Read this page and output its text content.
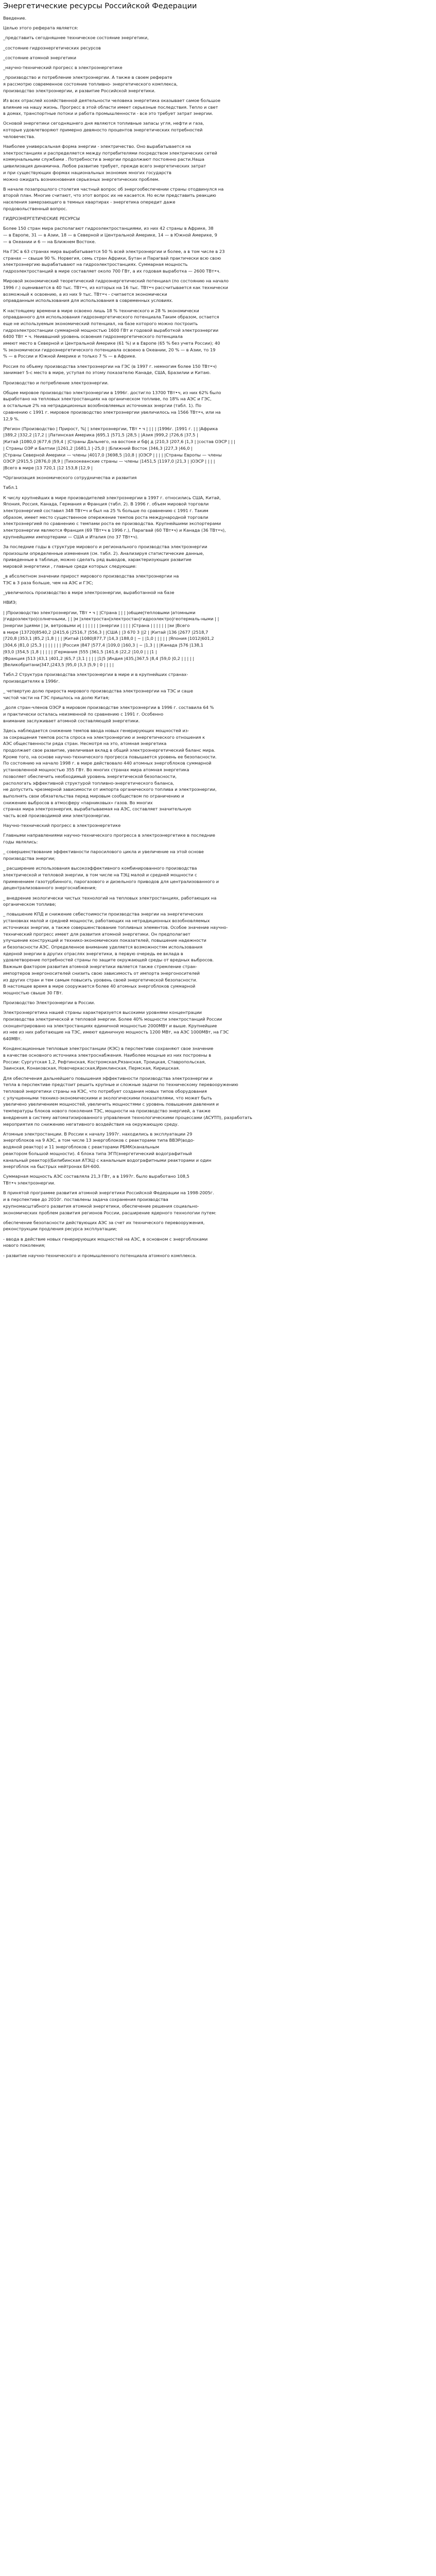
Энергетические ресурсы Российской Федерации
Введение.
Целью этого реферата является:
_представить сегодняшнее техническое состояние энергетики,
_состояние гидроэнергетических ресурсов
_состояние атомной энергетики
_научно-технический прогресс в электроэнергетике
_производство и потребление электроэнергии. А также в своем реферате
я рассмотрю современное состояние топливно- энергетического комплекса,
производство электроэнергии, и развитие Российской энергетики.
Из всех отраслей хозяйственной деятельности человека энергетика оказывает самое большое
влияние на нашу жизнь. Прогресс в этой области имеет серьезные последствия. Тепло и свет
в домах, транспортные потоки и работа промышленности - все это требует затрат энергии.
Основой энергетики сегодняшнего дня являются топливные запасы угля, нефти и газа,
которые удовлетворяют примерно девяносто процентов энергетических потребностей
человечества.
Наиболее универсальная форма энергии - электричество. Оно вырабатывается на
электростанциях и распределяется между потребителями посредством электрических сетей
коммунальными службами . Потребности в энергии продолжают постоянно расти.Наша
цивилизация динамична. Любое развитие требует, прежде всего энергетических затрат
и при существующих формах национальных экономик многих государств
можно ожидать возникновения серьезных энергетических проблем.
В начале позапрошлого столетия частный вопрос об энергообеспечении страны отодвинулся на
второй план. Многие считают, что этот вопрос их не касается. Но если представить реакцию
населения замерзающего в темных квартирах - энергетика опередит даже
продовольственный вопрос.
ГИДРОЭНЕРГЕТИЧЕСКИЕ РЕСУРСЫ
Более 150 стран мира располагают гидроэлектростанциями, из них 42 страны в Африке, 38
— в Европе, 31 — в Азии, 18 — в Северной и Центральной Америке, 14 — в Южной Америке, 9
— в Океании и 6 — на Ближнем Востоке.
На ГЭС в 63 странах мира вырабатывается 50 % всей электроэнергии и более, а в том числе в 23
странах — свыше 90 %. Норвегия, семь стран Африки, Бутан и Парагвай практически всю свою
электроэнергию вырабатывают на гидроэлектростанциях. Суммарная мощность
гидроэлектростанций в мире составляет около 700 ГВт, а их годовая выработка — 2600 ТВт•ч.
Мировой экономический теоретический гидроэнергетический потенциал (по состоянию на начало
1996 г.) оценивается в 40 тыс. ТВт•ч, из которых на 16 тыс. ТВт•ч рассчитывается как технически
возможный к освоению, а из них 9 тыс. ТВт•ч - считается экономически
оправданным использования для использования в современных условиях.
К настоящему времени в мире освоено лишь 18 % технического и 28 % экономически
оправданного для использования гидроэнергетического потенциала.Таким образом, остается
еще не используемым экономический потенциал, на базе которого можно построить
гидроэлектростанции суммарной мощностью 1600 ГВт и годовой выработкой электроэнергии
6400 ТВт • ч. Неиввшний уровень освоения гидроэнергетического потенциала
имеют место в Северной и Центральной Америке (61 %) и в Европе (65 % без учета России); 40
% экономически гидроэнергетического потенциала освоено в Океании, 20 % — в Азии, то 19
% — в России и Южной Америке и только 7 % — в Африке.
Россия по объему производства электроэнергии на ГЭС (в 1997 г. немногим более 150 ТВт•ч)
занимает 5-с место в мире, уступая по этому показателю Канаде, США, Бразилии и Китаю.
Производство и потребление электроэнергии.
Общее мировое производство электроэнергии в 1996г. достигло 13700 ТВт•ч, из них 62% было
выработано на тепловых электростанциях на органическом топливе, по 18% на АЭС и ГЭС,
а остальные 2% на нетрадиционных возобновляемых источниках энергии (табл. 1). По
сравнению с 1991 г. мировое производство электроэнергии увеличилось на 1566 ТВт•ч, или на
12,9 %.
|Регион (Производство | Прирост, %| | электроэнергии, ТВт • ч | | | | |1996г. |1991 г. | | |Африка
|389,2 |332,2 |17,2 | |Латинская Америка |695,1 |571,5 |28,5 | |Азия |999,2 |726,6 |37,5 |
|Китай |1080,0 |677,6 |59,4 | |Страны Дальнего, на востоке и бф| д |210,3 |207,6 |1,3 | |состав ОЭСР | | |
| Страны ОЭР и Балтии |1261,2 |1681,1 |-25,0 | |Ближний Восток |346,3 |227,3 |46,0 |
|Страны Северной Америки — члены |4017,0 |3698,5 |10,8 | |ОЭСР | | | | |Страны Европы — члены
ОЭСР |2915,5 |2876,0 |8,9 | |Тихоокеанские страны — члены |1451,5 |1197,0 |21,3 | |ОЭСР | | | |
|Всего в мире |13 720,1 |12 153,8 |12,9 |
*Организация экономического сотрудничества и развития
Табл.1
К числу крупнейших в мире производителей электроэнергии в 1997 г. относились США, Китай,
Япония, Россия, Канада, Германия и Франция (табл. 2). В 1996 г. объем мировой торговли
электроэнергией составил 348 ТВт•ч и был на 25 % больше по сравнению с 1991 г. Таким
образом, имеет место существенное опережение темпов роста международной торговли
электроэнергией по сравнению с темпами роста ее производства. Крупнейшими экспортерами
электроэнергии являются Франция (69 ТВт•ч в 1996 г.), Парагвай (60 ТВт•ч) и Канада (36 ТВт•ч),
крупнейшими импортерами — США и Италия (по 37 ТВт•ч).
За последние годы в структуре мирового и регионального производства электроэнергии
произошли определенные изменения (см. табл. 2). Анализируя статистические данные,
приведенные в таблице, можно сделать ряд выводов, характеризующих развитие
мировой энергетики , главные среди которых следующие:
_в абсолютном значении прирост мирового производства электроэнергии на
ТЭС в 3 раза больше, чем на АЭС и ГЭС;
_увеличилось производство в мире электроэнергии, выработанной на базе
НВИЭ;
| |Производство электроэнергии, ТВт • ч | |Страна | | | |о6щие|тепловыми |атомными
|гидроэлектро|солнечными, | | |м |электростан|электростан|гидроэлектро|геотермаль-ными | |
|энергии |циями | |и, ветровыми и| | | | | | | |энергии | | | | |Страна | | | | | | |эи |Всего
в мире |13720|8540,2 |2415,6 |2516,7 |556,3 | |США | |3 670 3 ||2 | |Китай |136 |2677 |2518,7
|720,8 |353,1 |85,2 |1,8 | | | |Китай |1080|877,7 |14,3 |188,0 | ~ | |1,0 | | | | | |Япония |1012|601,2
|304,6 |81,0 |25,3 | | | | | | | |Россия |847 |577,4 |109,0 |160,3 | ~ |1,3 | | |Канада |576 |138,1
|93,0 |354,5 |1,8 | | | | | |Германия |555 |361,5 |161,6 |22,2 |10,0 | | |1 |
|Франция |513 |43,1 |401,2 |65,7 |3,1 | | | | |1|5 |Индия |435,|367,5 |8,4 |59,0 |0,2 | | | | |
|Великобритани|347,|243,5 |95,0 |3,3 |5,9 | 0 | | | |
Табл.2 Структура производства электроэнергии в мире и в крупнейших странах-
производителях в 1996г.
_ четвертую долю прироста мирового производства электроэнергии на ТЭС и саше
чистой части на ГЭС пришлось на долю Китая;
_доля стран-членов ОЭСР в мировом производстве электроэнергии в 1996 г. составила 64 %
и практически осталась неизменной по сравнению с 1991 г. Особенно
внимание заслуживает атомной составляющей энергетики.
Здесь наблюдается снижение темпов ввода новых генерирующих мощностей из-
за сокращения темпов роста спроса на электроэнергию и энергетического отношения к
АЭС общественности ряда стран. Несмотря на это, атомная энергетика
продолжает свое развитие, увеличивая вклад в общий электроэнергетический баланс мира.
Кроме того, на основе научно-технического прогресса повышается уровень ее безопасности.
По состоянию на начало 1998 г. в мире действовало 440 атомных энергоблоков суммарной
установленной мощностью 355 ГВт. Во многих странах мира атомная энергетика
позволяет обеспечить необходимый уровень энергетической безопасности,
распологать эффективной структурой топливно-энергетического баланса,
не допустить чрезмерной зависимости от импорта органического топлива и электроэнергии,
выполнять свои обязательства перед мировым сообществом по ограничению и
снижению выбросов в атмосферу «парниковых» газов. Во многих
странах мира электроэнергия, вырабатываемая на АЭС, составляет значительную
часть всей производимой ими электроэнергии.
Научно-технический прогресс в электроэнергетике
Главными направлениями научно-технического прогресса в электроэнергетике в последние
годы являлись:
_ совершенствование эффективности паросилового цикла и увеличение на этой основе
производства энергии;
_ расширение использования высокоэффективного комбинированного производства
электрической и тепловой энергии, в том числе на ТЭЦ малой и средней мощности с
применением газотурбинного, парогазового и дизельного приводов для централизованного и
децентрализованного энергоснабжения;
_ внедрение экологически чистых технологий на тепловых электростанциях, работающих на
органическом топливе;
_ повышение КПД и снижение себестоимости производства энергии на энергетических
установках малой и средней мощности, работающих на нетрадиционных возобновляемых
источниках энергии, а также совершенствование топливных элементов. Особое значение научно-
технический прогресс имеет для развития атомной энергетики. Он предполагает
улучшение конструкций и технико-экономических показателей, повышение надежности
и безопасности АЭС. Определенное внимание уделяется возможностям использования
ядерной энергии в других отраслях энергетики, в первую очередь ее вклада в
удовлетворение потребностей страны по защите окружающей среды от вредных выбросов.
Важным фактором развития атомной энергетики является также стремление стран-
импортеров энергоносителей снизить свою зависимость от импорта энергоносителей
из других стран и тем самым повысить уровень своей энергетической безопасности.
В настоящее время в мире сооружается более 40 атомных энергоблоков суммарной
мощностью свыше 30 ГВт.
Производство Электроэнергии в России.
Электроэнергетика нашей страны характеризуется высокими уровнями концентрации
производства электрической и тепловой энергии. Более 40% мощности электростанций России
сконцентрировано на электростанциях единичной мощностью 2000МВт и выше. Крупнейшие
из нее из них работающие на ТЭС, имеют единичную мощность 1200 МВт, на АЭС 1000МВт, на ГЭС
640МВт.
Конденсационные тепловые электростанции (КЭС) в перспективе сохраняют свое значение
в качестве основного источника электроснабжения. Наиболее мощные из них построены в
России: Сургутская 1,2, Рефтинская, Костромская,Рязанская, Троицкая, Ставропольская,
Заинская, Конаковская, Новочеркасская,Ириклинская, Пермская, Киришская.
Для обеспечения дальнейшего повышения эффективности производства электроэнергии и
тепла в перспективе предстоит решить крупные и сложные задачи по техническому перевооружению
тепловой энергетики страны на КЭС, что потребует создания новых типов оборудования
с улучшенными технико-экономическими и экологическими показателями, что может быть
увеличено увеличением мощностей, увеличить мощностями с уровень повышения давления и
температуры блоков нового поколения ТЭС, мощности на производство энергией, а также
внедрения в систему автоматизированного управления технологическими процессами (АСУТП), разработать
мероприятия по снижению негативного воздействия на окружающую среду.
Атомные электростанции. В России к началу 1997г. находились в эксплуатации 29
энергоблоков на 9 АЭС, а том числе 13 энергоблоков с реакторами типа ВВЭР(водо-
водяной реактор) и 11 энергоблоков с реакторами РБМК(канальным
реактором большой мощности). 4 блока типа ЭГП(энергетический водографитный
канальный реактор)(Билибинская АТЭЦ) с канальным водографитными реакторами и один
энергоблок на быстрых нейтронах БН-600.
Суммарная мощность АЭС составляла 21,3 ГВт, а в 1997г. было выработано 108,5
ТВт•ч электроэнергии.
В принятой программе развития атомной энергетики Российской Федерации на 1998-2005г.
и в перспективе до 2010г. поставлены задача сохранения производства
крупномасштабного развития атомной энергетики, обеспечение решения социально-
экономических проблем развития регионов России, расширение ядерного технологии путем:
обеспечение безопасности действующих АЭС за счет их технического перевооружения,
реконструкции продления ресурса эксплуатации;
- ввода в действие новых генерирующих мощностей на АЭС, в основном с энергоблоками
нового поколения;
- развитие научно-технического и промышленного потенциала атомного комплекса.
